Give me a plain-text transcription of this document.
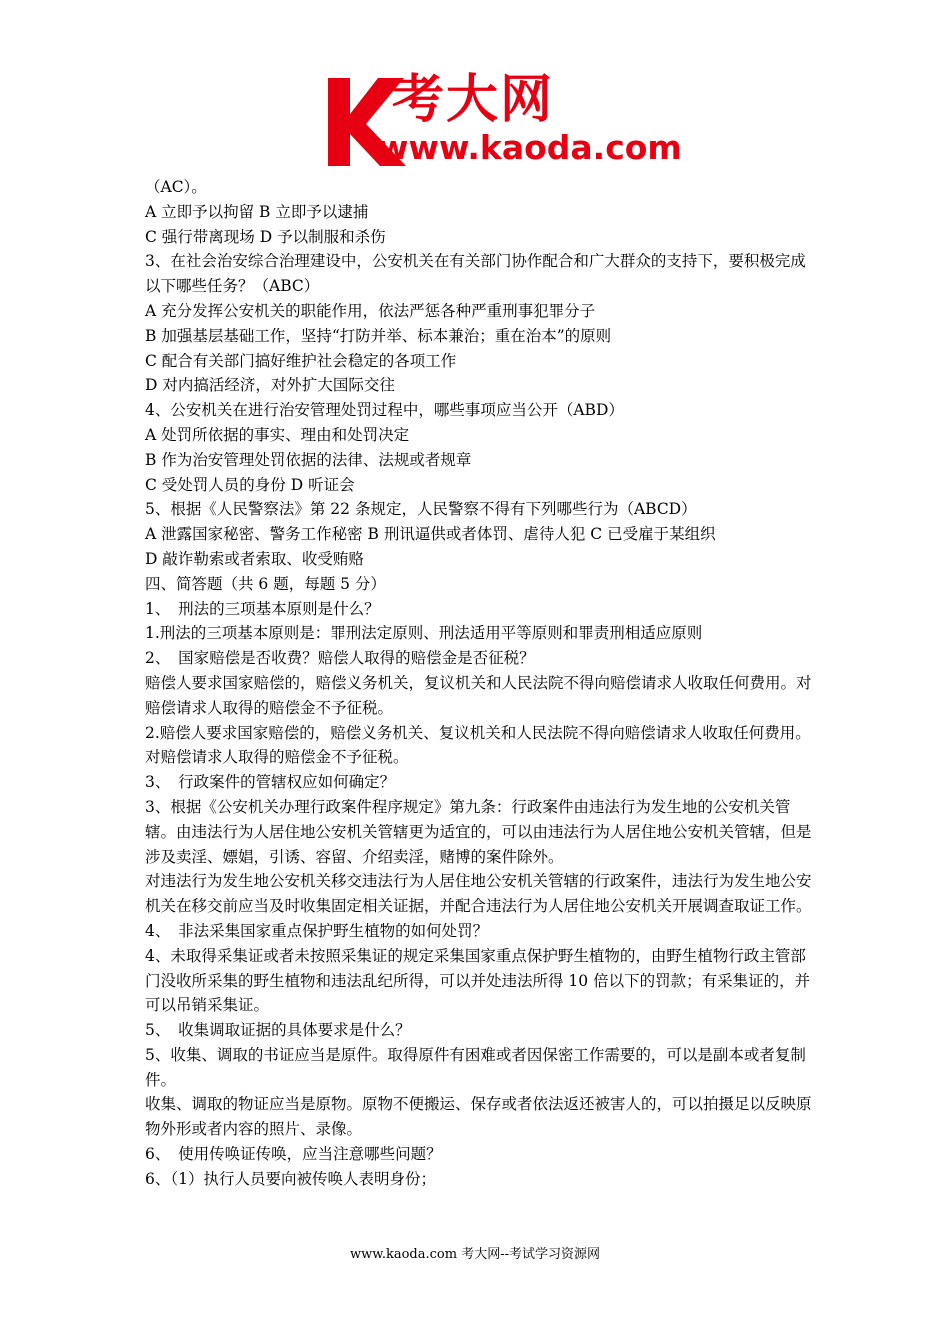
考大网
www.kaoda.com

（AC）。

A 立即予以拘留 B 立即予以逮捕

C 强行带离现场 D 予以制服和杀伤

3、在社会治安综合治理建设中，公安机关在有关部门协作配合和广大群众的支持下，要积极完成以下哪些任务？（ABC）

A 充分发挥公安机关的职能作用，依法严惩各种严重刑事犯罪分子

B 加强基层基础工作，坚持“打防并举、标本兼治；重在治本”的原则

C 配合有关部门搞好维护社会稳定的各项工作

D 对内搞活经济，对外扩大国际交往

4、公安机关在进行治安管理处罚过程中，哪些事项应当公开（ABD）

A 处罚所依据的事实、理由和处罚决定

B 作为治安管理处罚依据的法律、法规或者规章

C 受处罚人员的身份 D 听证会

5、根据《人民警察法》第 22 条规定，人民警察不得有下列哪些行为（ABCD）

A 泄露国家秘密、警务工作秘密 B 刑讯逼供或者体罚、虐待人犯 C 已受雇于某组织

D 敲诈勒索或者索取、收受贿赂

四、简答题（共 6 题，每题 5 分）

1、　刑法的三项基本原则是什么？

1.刑法的三项基本原则是：罪刑法定原则、刑法适用平等原则和罪责刑相适应原则

2、　国家赔偿是否收费？赔偿人取得的赔偿金是否征税？

赔偿人要求国家赔偿的，赔偿义务机关，复议机关和人民法院不得向赔偿请求人收取任何费用。对赔偿请求人取得的赔偿金不予征税。

2.赔偿人要求国家赔偿的，赔偿义务机关、复议机关和人民法院不得向赔偿请求人收取任何费用。对赔偿请求人取得的赔偿金不予征税。

3、　行政案件的管辖权应如何确定？

3、根据《公安机关办理行政案件程序规定》第九条：行政案件由违法行为发生地的公安机关管辖。由违法行为人居住地公安机关管辖更为适宜的，可以由违法行为人居住地公安机关管辖，但是涉及卖淫、嫖娼，引诱、容留、介绍卖淫，赌博的案件除外。

对违法行为发生地公安机关移交违法行为人居住地公安机关管辖的行政案件，违法行为发生地公安机关在移交前应当及时收集固定相关证据，并配合违法行为人居住地公安机关开展调查取证工作。

4、　非法采集国家重点保护野生植物的如何处罚？

4、未取得采集证或者未按照采集证的规定采集国家重点保护野生植物的，由野生植物行政主管部门没收所采集的野生植物和违法乱纪所得，可以并处违法所得 10 倍以下的罚款；有采集证的，并可以吊销采集证。

5、　收集调取证据的具体要求是什么？

5、收集、调取的书证应当是原件。取得原件有困难或者因保密工作需要的，可以是副本或者复制件。

收集、调取的物证应当是原物。原物不便搬运、保存或者依法返还被害人的，可以拍摄足以反映原物外形或者内容的照片、录像。

6、　使用传唤证传唤，应当注意哪些问题？

6、（1）执行人员要向被传唤人表明身份；

www.kaoda.com 考大网--考试学习资源网
